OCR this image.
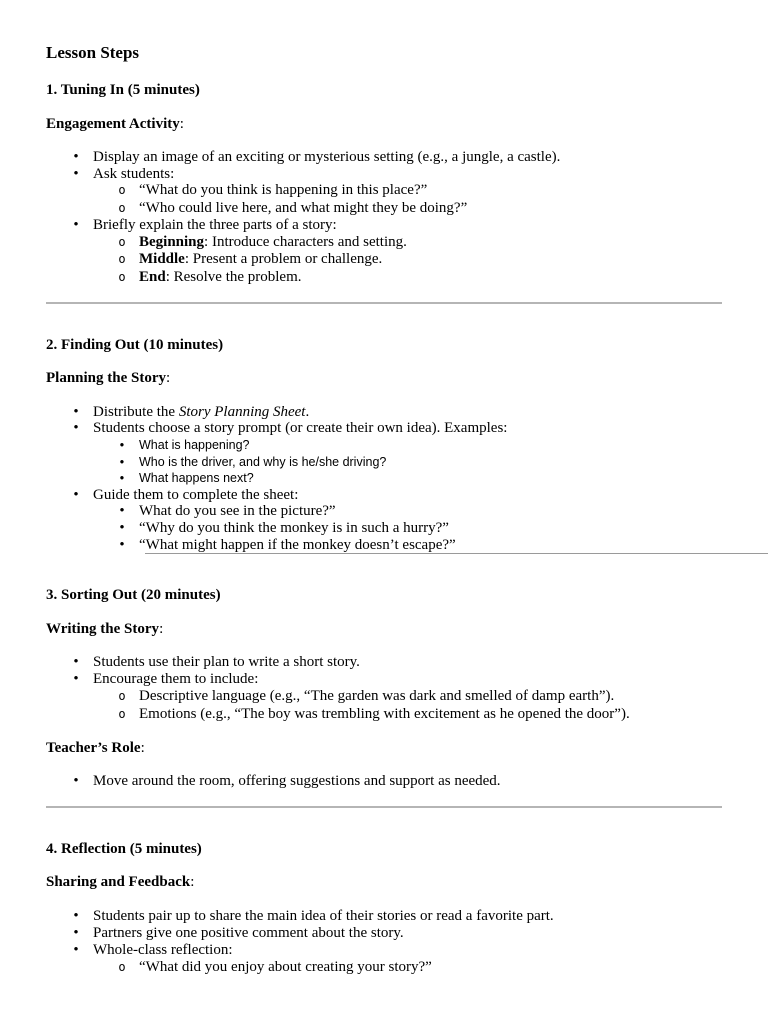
Lesson Steps
1. Tuning In (5 minutes)

Engagement Activity:

•
Display an image of an exciting or mysterious setting (e.g., a jungle, a castle).
•
Ask students:
o
“What do you think is happening in this place?”
o
“Who could live here, and what might they be doing?”
•
Briefly explain the three parts of a story:
o
Beginning: Introduce characters and setting.
o
Middle: Present a problem or challenge.
o
End: Resolve the problem.
2. Finding Out (10 minutes)

Planning the Story:

•
Distribute the Story Planning Sheet.
•
Students choose a story prompt (or create their own idea). Examples:
•
What is happening?
•
Who is the driver, and why is he/she driving?
•
What happens next?
•
Guide them to complete the sheet:
•
What do you see in the picture?”
•
“Why do you think the monkey is in such a hurry?”
•
“What might happen if the monkey doesn’t escape?”
3. Sorting Out (20 minutes)

Writing the Story:

•
Students use their plan to write a short story.
•
Encourage them to include:
o
Descriptive language (e.g., “The garden was dark and smelled of damp earth”).
o
Emotions (e.g., “The boy was trembling with excitement as he opened the door”).

Teacher’s Role:

•
Move around the room, offering suggestions and support as needed.
4. Reflection (5 minutes)

Sharing and Feedback:

•
Students pair up to share the main idea of their stories or read a favorite part.
•
Partners give one positive comment about the story.
•
Whole-class reflection:
o
“What did you enjoy about creating your story?”
